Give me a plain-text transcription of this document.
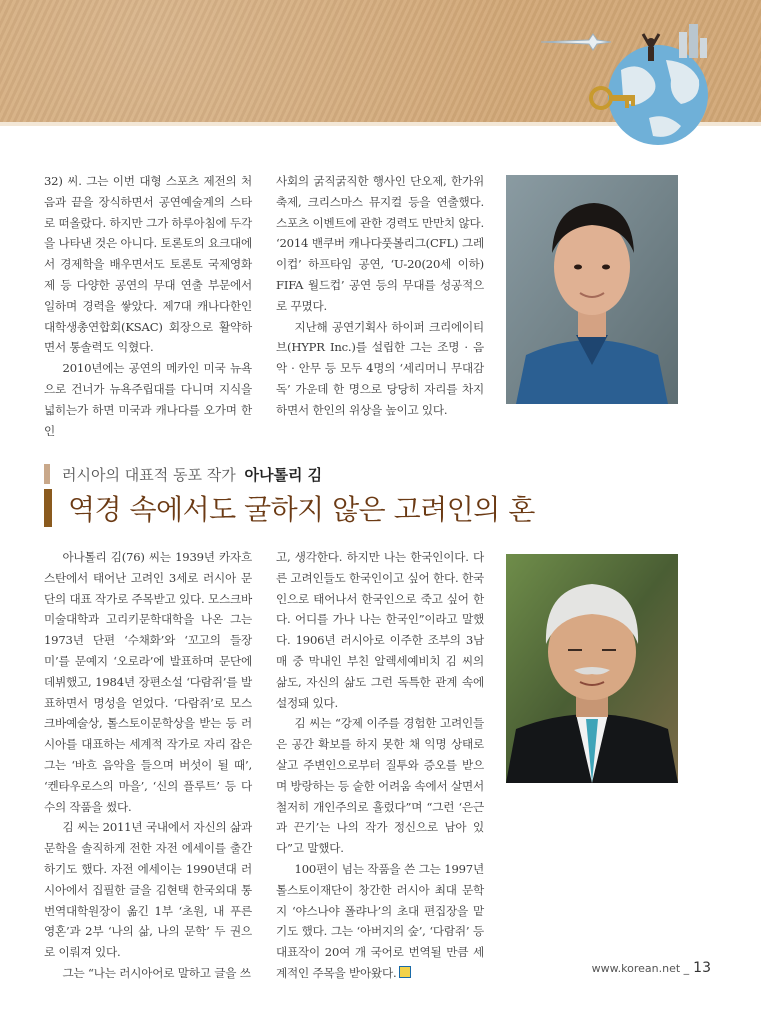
32) 씨. 그는 이번 대형 스포츠 제전의 처음과 끝을 장식하면서 공연예술계의 스타로 떠올랐다. 하지만 그가 하루아침에 두각을 나타낸 것은 아니다. 토론토의 요크대에서 경제학을 배우면서도 토론토 국제영화제 등 다양한 공연의 무대 연출 부문에서 일하며 경력을 쌓았다. 제7대 캐나다한인대학생총연합회(KSAC) 회장으로 활약하면서 통솔력도 익혔다.

2010년에는 공연의 메카인 미국 뉴욕으로 건너가 뉴욕주립대를 다니며 지식을 넓히는가 하면 미국과 캐나다를 오가며 한인

사회의 굵직굵직한 행사인 단오제, 한가위 축제, 크리스마스 뮤지컬 등을 연출했다. 스포츠 이벤트에 관한 경력도 만만치 않다. ‘2014 밴쿠버 캐나다풋볼리그(CFL) 그레이컵’ 하프타임 공연, ‘U-20(20세 이하) FIFA 월드컵’ 공연 등의 무대를 성공적으로 꾸몄다.

지난해 공연기획사 하이퍼 크리에이티브(HYPR Inc.)를 설립한 그는 조명 · 음악 · 안무 등 모두 4명의 ‘세리머니 무대감독’ 가운데 한 명으로 당당히 자리를 차지하면서 한인의 위상을 높이고 있다.

러시아의 대표적 동포 작가 아나톨리 김
역경 속에서도 굴하지 않은 고려인의 혼

아나톨리 김(76) 씨는 1939년 카자흐스탄에서 태어난 고려인 3세로 러시아 문단의 대표 작가로 주목받고 있다. 모스크바미술대학과 고리키문학대학을 나온 그는 1973년 단편 ‘수채화’와 ‘꼬고의 들장미’를 문예지 ‘오로라’에 발표하며 문단에 데뷔했고, 1984년 장편소설 ‘다람쥐’를 발표하면서 명성을 얻었다. ‘다람쥐’로 모스크바예술상, 톨스토이문학상을 받는 등 러시아를 대표하는 세계적 작가로 자리 잡은 그는 ‘바흐 음악을 들으며 버섯이 될 때’, ‘켄타우로스의 마을’, ‘신의 플루트’ 등 다수의 작품을 썼다.

김 씨는 2011년 국내에서 자신의 삶과 문학을 솔직하게 전한 자전 에세이를 출간하기도 했다. 자전 에세이는 1990년대 러시아에서 집필한 글을 김현택 한국외대 통번역대학원장이 옮긴 1부 ‘초원, 내 푸른 영혼’과 2부 ‘나의 삶, 나의 문학’ 두 권으로 이뤄져 있다.

그는 “나는 러시아어로 말하고 글을 쓰

고, 생각한다. 하지만 나는 한국인이다. 다른 고려인들도 한국인이고 싶어 한다. 한국인으로 태어나서 한국인으로 죽고 싶어 한다. 어디를 가나 나는 한국인”이라고 말했다. 1906년 러시아로 이주한 조부의 3남매 중 막내인 부친 알렉세예비치 김 씨의 삶도, 자신의 삶도 그런 독특한 관계 속에 설정돼 있다.

김 씨는 “강제 이주를 경험한 고려인들은 공간 확보를 하지 못한 채 익명 상태로 살고 주변인으로부터 질투와 증오를 받으며 방랑하는 등 숱한 어려움 속에서 살면서 철저히 개인주의로 흘렀다”며 “그런 ‘은근과 끈기’는 나의 작가 정신으로 남아 있다”고 말했다.

100편이 넘는 작품을 쓴 그는 1997년 톨스토이재단이 창간한 러시아 최대 문학지 ‘야스나야 폴랴나’의 초대 편집장을 맡기도 했다. 그는 ‘아버지의 숲’, ‘다람쥐’ 등 대표작이 20여 개 국어로 번역될 만큼 세계적인 주목을 받아왔다.	www.korean.net _ 13
